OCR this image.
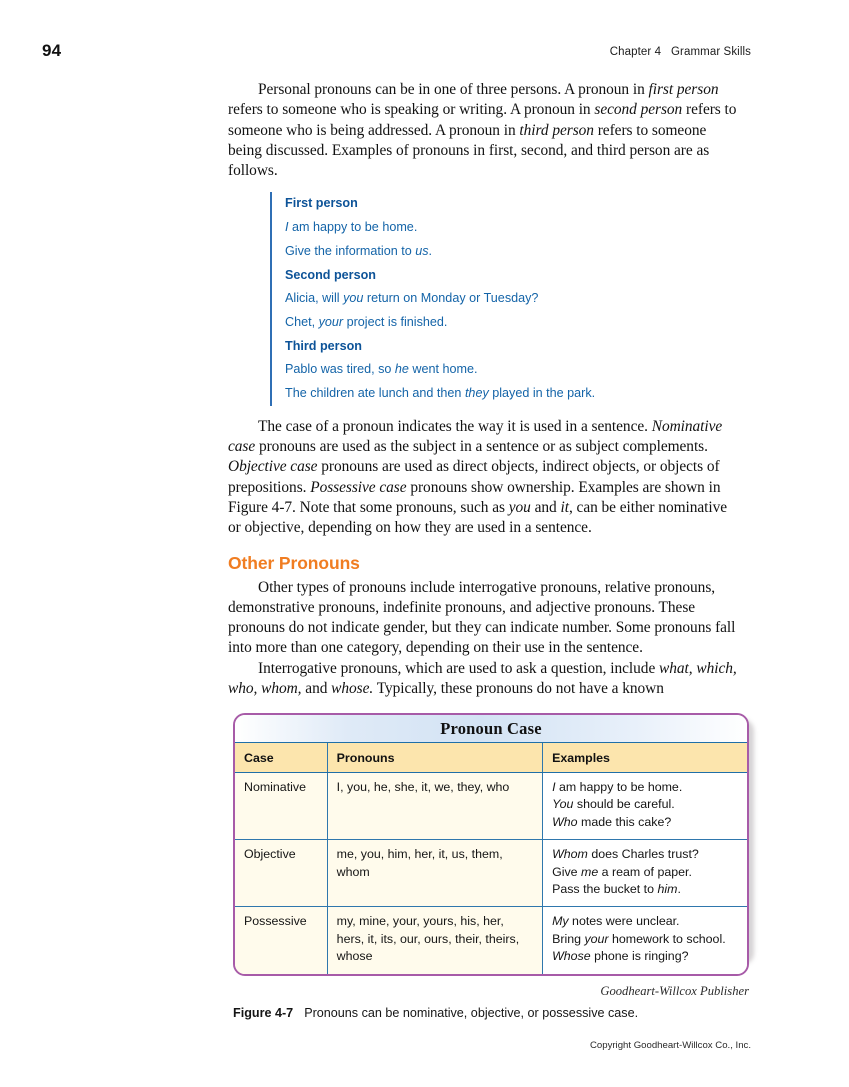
94	Chapter 4   Grammar Skills

Personal pronouns can be in one of three persons. A pronoun in first person refers to someone who is speaking or writing. A pronoun in second person refers to someone who is being addressed. A pronoun in third person refers to someone being discussed. Examples of pronouns in first, second, and third person are as follows.

First person
I am happy to be home.
Give the information to us.
Second person
Alicia, will you return on Monday or Tuesday?
Chet, your project is finished.
Third person
Pablo was tired, so he went home.
The children ate lunch and then they played in the park.

The case of a pronoun indicates the way it is used in a sentence. Nominative case pronouns are used as the subject in a sentence or as subject complements. Objective case pronouns are used as direct objects, indirect objects, or objects of prepositions. Possessive case pronouns show ownership. Examples are shown in Figure 4-7. Note that some pronouns, such as you and it, can be either nominative or objective, depending on how they are used in a sentence.

Other Pronouns

Other types of pronouns include interrogative pronouns, relative pronouns, demonstrative pronouns, indefinite pronouns, and adjective pronouns. These pronouns do not indicate gender, but they can indicate number. Some pronouns fall into more than one category, depending on their use in the sentence.

Interrogative pronouns, which are used to ask a question, include what, which, who, whom, and whose. Typically, these pronouns do not have a known

Pronoun Case
Case	Pronouns	Examples
Nominative	I, you, he, she, it, we, they, who	I am happy to be home.
You should be careful.
Who made this cake?
Objective	me, you, him, her, it, us, them, whom	Whom does Charles trust?
Give me a ream of paper.
Pass the bucket to him.
Possessive	my, mine, your, yours, his, her, hers, it, its, our, ours, their, theirs, whose	My notes were unclear.
Bring your homework to school.
Whose phone is ringing?
Goodheart-Willcox Publisher
Figure 4-7 Pronouns can be nominative, objective, or possessive case.
Copyright Goodheart-Willcox Co., Inc.
